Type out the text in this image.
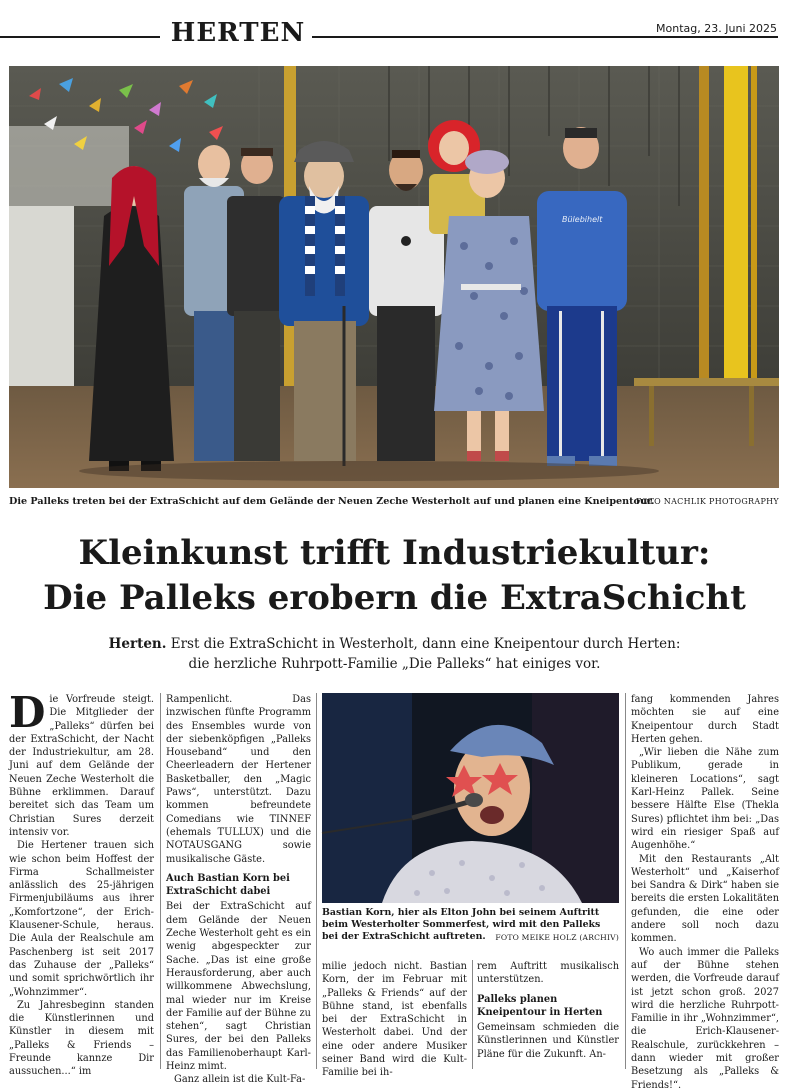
HERTEN	Montag, 23. Juni 2025
Bülebihelt
Die Palleks treten bei der ExtraSchicht auf dem Gelände der Neuen Zeche Westerholt auf und planen eine Kneipentour.
FOTO NACHLIK PHOTOGRAPHY
Kleinkunst trifft Industriekultur:
Die Palleks erobern die ExtraSchicht
Herten. Erst die ExtraSchicht in Westerholt, dann eine Kneipentour durch Herten:
die herzliche Ruhrpott-Familie „Die Palleks“ hat einiges vor.

Die Vorfreude steigt. Die Mitglieder der „Palleks“ dürfen bei der ExtraSchicht, der Nacht der Industriekultur, am 28. Juni auf dem Gelände der Neuen Zeche Westerholt die Bühne erklimmen. Darauf bereitet sich das Team um Christian Sures derzeit intensiv vor.

Die Hertener trauen sich wie schon beim Hoffest der Firma Schallmeister anlässlich des 25-jährigen Firmenjubiläums aus ihrer „Komfortzone“, der Erich-Klausener-Schule, heraus. Die Aula der Realschule am Paschenberg ist seit 2017 das Zuhause der „Palleks“ und somit sprichwörtlich ihr „Wohnzimmer“.

Zu Jahresbeginn standen die Künstlerinnen und Künstler in diesem mit „Palleks & Friends – Freunde kannze Dir aussuchen...“ im

Rampenlicht. Das inzwischen fünfte Programm des Ensembles wurde von der siebenköpfigen „Palleks Houseband“ und den Cheerleadern der Hertener Basketballer, den „Magic Paws“, unterstützt. Dazu kommen befreundete Comedians wie TINNEF (ehemals TULLUX) und die NOTAUSGANG sowie musikalische Gäste.

Auch Bastian Korn bei ExtraSchicht dabei

Bei der ExtraSchicht auf dem Gelände der Neuen Zeche Westerholt geht es ein wenig abgespeckter zur Sache. „Das ist eine große Herausforderung, aber auch willkommene Abwechslung, mal wieder nur im Kreise der Familie auf der Bühne zu stehen“, sagt Christian Sures, der bei den Palleks das Familienoberhaupt Karl-Heinz mimt.

Ganz allein ist die Kult-Fa-

Bastian Korn, hier als Elton John bei seinem Auftritt beim Westerholter Sommerfest, wird mit den Palleks bei der ExtraSchicht auftreten. FOTO MEIKE HOLZ (ARCHIV)

milie jedoch nicht. Bastian Korn, der im Februar mit „Palleks & Friends“ auf der Bühne stand, ist ebenfalls bei der ExtraSchicht in Westerholt dabei. Und der eine oder andere Musiker seiner Band wird die Kult-Familie bei ih-

rem Auftritt musikalisch unterstützen.

Palleks planen Kneipentour in Herten

Gemeinsam schmieden die Künstlerinnen und Künstler Pläne für die Zukunft. An-

fang kommenden Jahres möchten sie auf eine Kneipentour durch Stadt Herten gehen.

„Wir lieben die Nähe zum Publikum, gerade in kleineren Locations“, sagt Karl-Heinz Pallek. Seine bessere Hälfte Else (Thekla Sures) pflichtet ihm bei: „Das wird ein riesiger Spaß auf Augenhöhe.“

Mit den Restaurants „Alt Westerholt“ und „Kaiserhof bei Sandra & Dirk“ haben sie bereits die ersten Lokalitäten gefunden, die eine oder andere soll noch dazu kommen.

Wo auch immer die Palleks auf der Bühne stehen werden, die Vorfreude darauf ist jetzt schon groß. 2027 wird die herzliche Ruhrpott-Familie in ihr „Wohnzimmer“, die Erich-Klausener-Realschule, zurückkehren – dann wieder mit großer Besetzung als „Palleks & Friends!“.
